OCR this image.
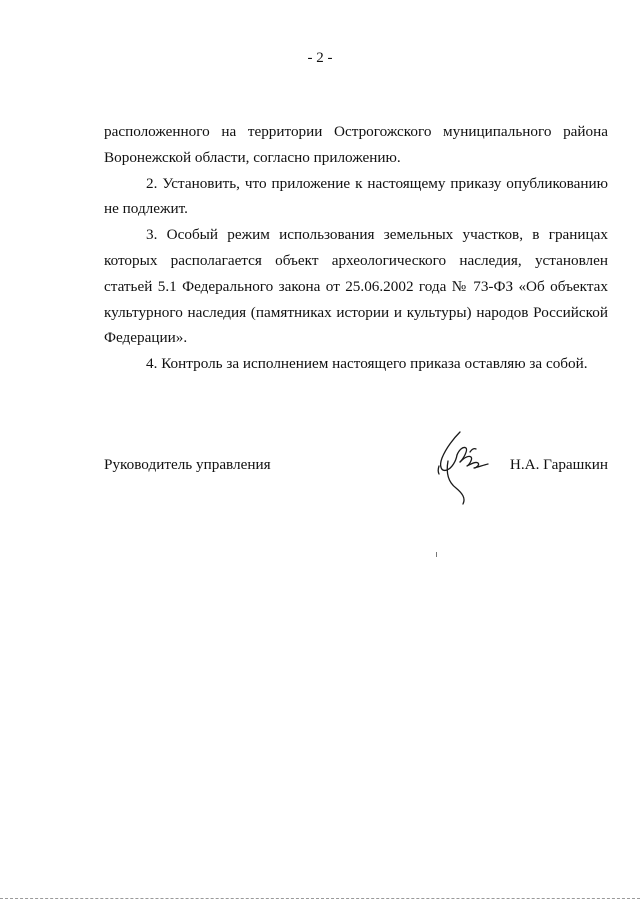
- 2 -

расположенного на территории Острогожского муниципального района Воронежской области, согласно приложению.

2. Установить, что приложение к настоящему приказу опубликованию не подлежит.

3. Особый режим использования земельных участков, в границах которых располагается объект археологического наследия, установлен статьей 5.1 Федерального закона от 25.06.2002 года № 73-ФЗ «Об объектах культурного наследия (памятниках истории и культуры) народов Российской Федерации».

4. Контроль за исполнением настоящего приказа оставляю за собой.

Руководитель управления	Н.А. Гарашкин
